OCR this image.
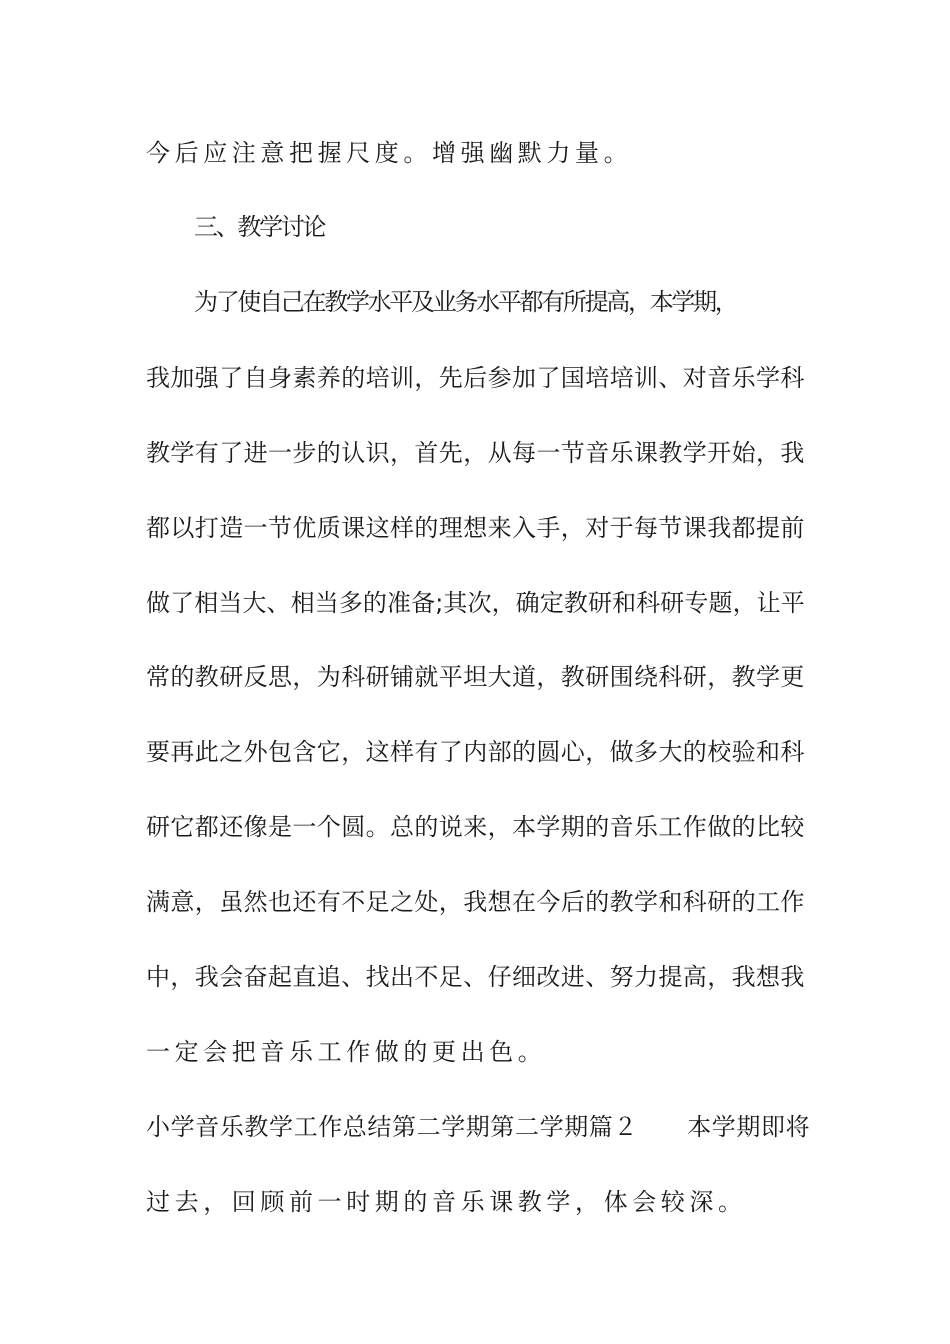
今后应注意把握尺度。增强幽默力量。
三、教学讨论
为了使自己在教学水平及业务水平都有所提高，本学期，
我加强了自身素养的培训，先后参加了国培培训、对音乐学科
教学有了进一步的认识，首先，从每一节音乐课教学开始，我
都以打造一节优质课这样的理想来入手，对于每节课我都提前
做了相当大、相当多的准备;其次，确定教研和科研专题，让平
常的教研反思，为科研铺就平坦大道，教研围绕科研，教学更
要再此之外包含它，这样有了内部的圆心，做多大的校验和科
研它都还像是一个圆。总的说来，本学期的音乐工作做的比较
满意，虽然也还有不足之处，我想在今后的教学和科研的工作
中，我会奋起直追、找出不足、仔细改进、努力提高，我想我
一定会把音乐工作做的更出色。
小学音乐教学工作总结第二学期第二学期篇２　　本学期即将
过去，回顾前一时期的音乐课教学，体会较深。
